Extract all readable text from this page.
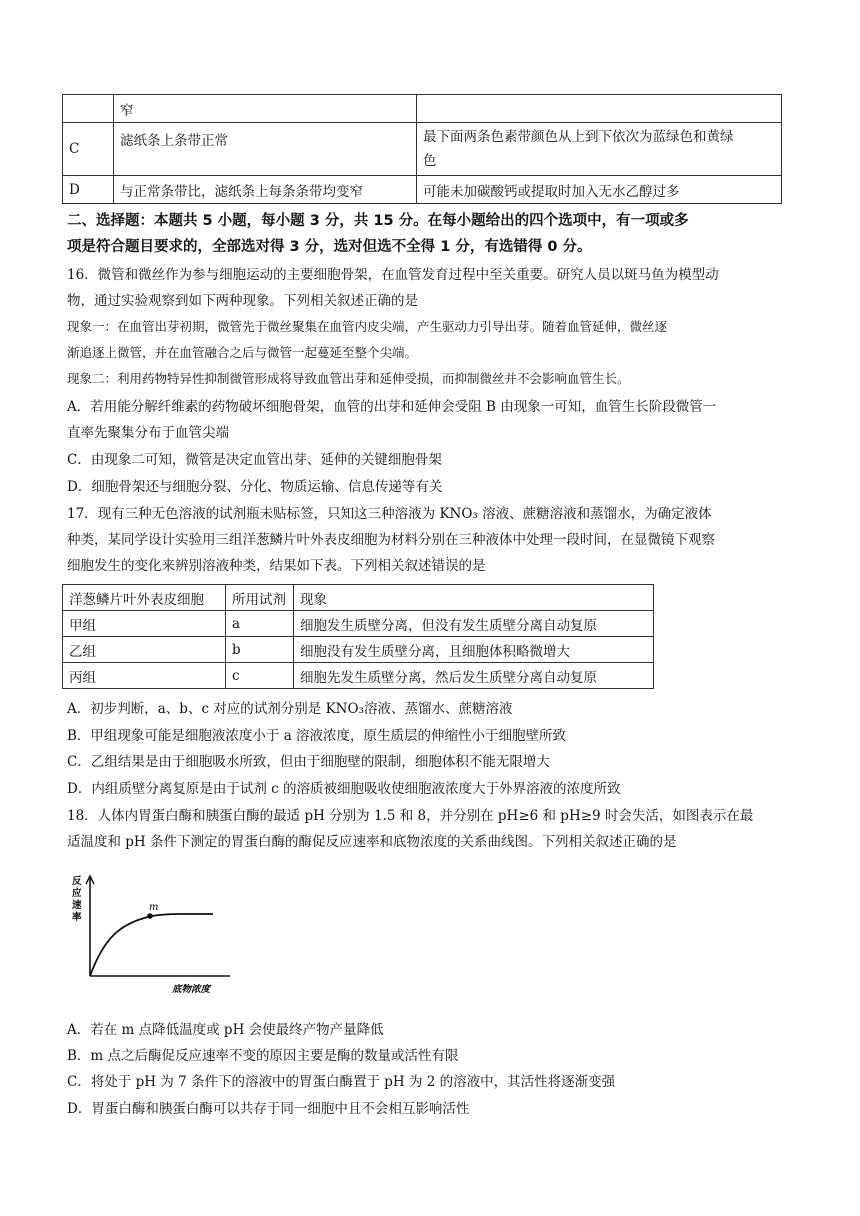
	窄	
C	滤纸条上条带正常	最下面两条色素带颜色从上到下依次为蓝绿色和黄绿
色

D	与正常条带比，滤纸条上每条条带均变窄	可能未加碳酸钙或提取时加入无水乙醇过多
二、选择题：本题共 5 小题，每小题 3 分，共 15 分。在每小题给出的四个选项中，有一项或多
项是符合题目要求的，全部选对得 3 分，选对但选不全得 1 分，有选错得 0 分。
16．微管和微丝作为参与细胞运动的主要细胞骨架，在血管发育过程中至关重要。研究人员以斑马鱼为模型动
物，通过实验观察到如下两种现象。下列相关叙述正确的是
现象一：在血管出芽初期，微管先于微丝聚集在血管内皮尖端，产生驱动力引导出芽。随着血管延伸，微丝逐
渐追逐上微管，并在血管融合之后与微管一起蔓延至整个尖端。
现象二：利用药物特异性抑制微管形成将导致血管出芽和延伸受损，而抑制微丝并不会影响血管生长。
A．若用能分解纤维素的药物破坏细胞骨架，血管的出芽和延伸会受阻 B 由现象一可知，血管生长阶段微管一
直率先聚集分布于血管尖端
C．由现象二可知，微管是决定血管出芽、延伸的关键细胞骨架
D．细胞骨架还与细胞分裂、分化、物质运输、信息传递等有关
17．现有三种无色溶液的试剂瓶未贴标签，只知这三种溶液为 KNO₃ 溶液、蔗糖溶液和蒸馏水，为确定液体
种类，某同学设计实验用三组洋葱鳞片叶外表皮细胞为材料分别在三种液体中处理一段时间，在显微镜下观察
细胞发生的变化来辨别溶液种类，结果如下表。下列相关叙述错误 · ·的是
洋葱鳞片叶外表皮细胞	所用试剂	现象
甲组	a	细胞发生质壁分离，但没有发生质壁分离自动复原
乙组	b	细胞没有发生质壁分离，且细胞体积略微增大
丙组	c	细胞先发生质壁分离，然后发生质壁分离自动复原
A．初步判断，a、b、c 对应的试剂分别是 KNO₃溶液、蒸馏水、蔗糖溶液
B．甲组现象可能是细胞液浓度小于 a 溶液浓度，原生质层的伸缩性小于细胞壁所致
C．乙组结果是由于细胞吸水所致，但由于细胞壁的限制，细胞体积不能无限增大
D．内组质壁分离复原是由于试剂 c 的溶质被细胞吸收使细胞液浓度大于外界溶液的浓度所致
18．人体内胃蛋白酶和胰蛋白酶的最适 pH 分别为 1.5 和 8，并分别在 pH≥6 和 pH≥9 时会失活，如图表示在最
适温度和 pH 条件下测定的胃蛋白酶的酶促反应速率和底物浓度的关系曲线图。下列相关叙述正确的是
m
反
应
速
率
底物浓度
A．若在 m 点降低温度或 pH 会使最终产物产量降低
B．m 点之后酶促反应速率不变的原因主要是酶的数量或活性有限
C．将处于 pH 为 7 条件下的溶液中的胃蛋白酶置于 pH 为 2 的溶液中，其活性将逐渐变强
D．胃蛋白酶和胰蛋白酶可以共存于同一细胞中且不会相互影响活性
